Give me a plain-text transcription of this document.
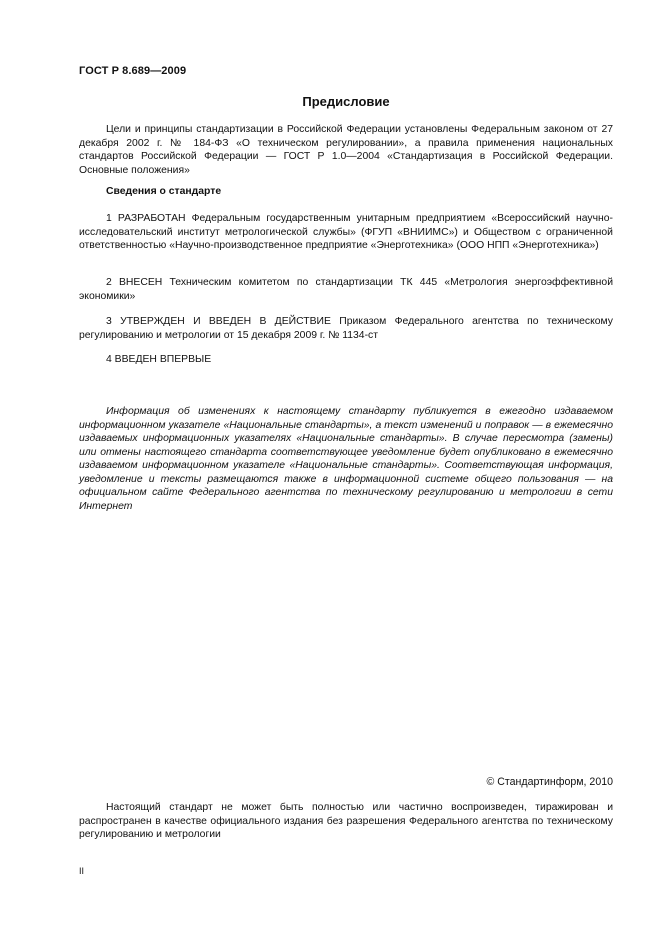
ГОСТ Р 8.689—2009
Предисловие

Цели и принципы стандартизации в Российской Федерации установлены Федеральным законом от 27 декабря 2002 г. № 184-ФЗ «О техническом регулировании», а правила применения национальных стандартов Российской Федерации — ГОСТ Р 1.0—2004 «Стандартизация в Российской Федерации. Основные положения»

Сведения о стандарте

1 РАЗРАБОТАН Федеральным государственным унитарным предприятием «Всероссийский научно-исследовательский институт метрологической службы» (ФГУП «ВНИИМС») и Обществом с ограниченной ответственностью «Научно-производственное предприятие «Энерготехника» (ООО НПП «Энерготехника»)

2 ВНЕСЕН Техническим комитетом по стандартизации ТК 445 «Метрология энергоэффективной экономики»

3 УТВЕРЖДЕН И ВВЕДЕН В ДЕЙСТВИЕ Приказом Федерального агентства по техническому регулированию и метрологии от 15 декабря 2009 г. № 1134-ст

4 ВВЕДЕН ВПЕРВЫЕ

Информация об изменениях к настоящему стандарту публикуется в ежегодно издаваемом информационном указателе «Национальные стандарты», а текст изменений и поправок — в ежемесячно издаваемых информационных указателях «Национальные стандарты». В случае пересмотра (замены) или отмены настоящего стандарта соответствующее уведомление будет опубликовано в ежемесячно издаваемом информационном указателе «Национальные стандарты». Соответствующая информация, уведомление и тексты размещаются также в информационной системе общего пользования — на официальном сайте Федерального агентства по техническому регулированию и метрологии в сети Интернет

© Стандартинформ, 2010

Настоящий стандарт не может быть полностью или частично воспроизведен, тиражирован и распространен в качестве официального издания без разрешения Федерального агентства по техническому регулированию и метрологии

II
